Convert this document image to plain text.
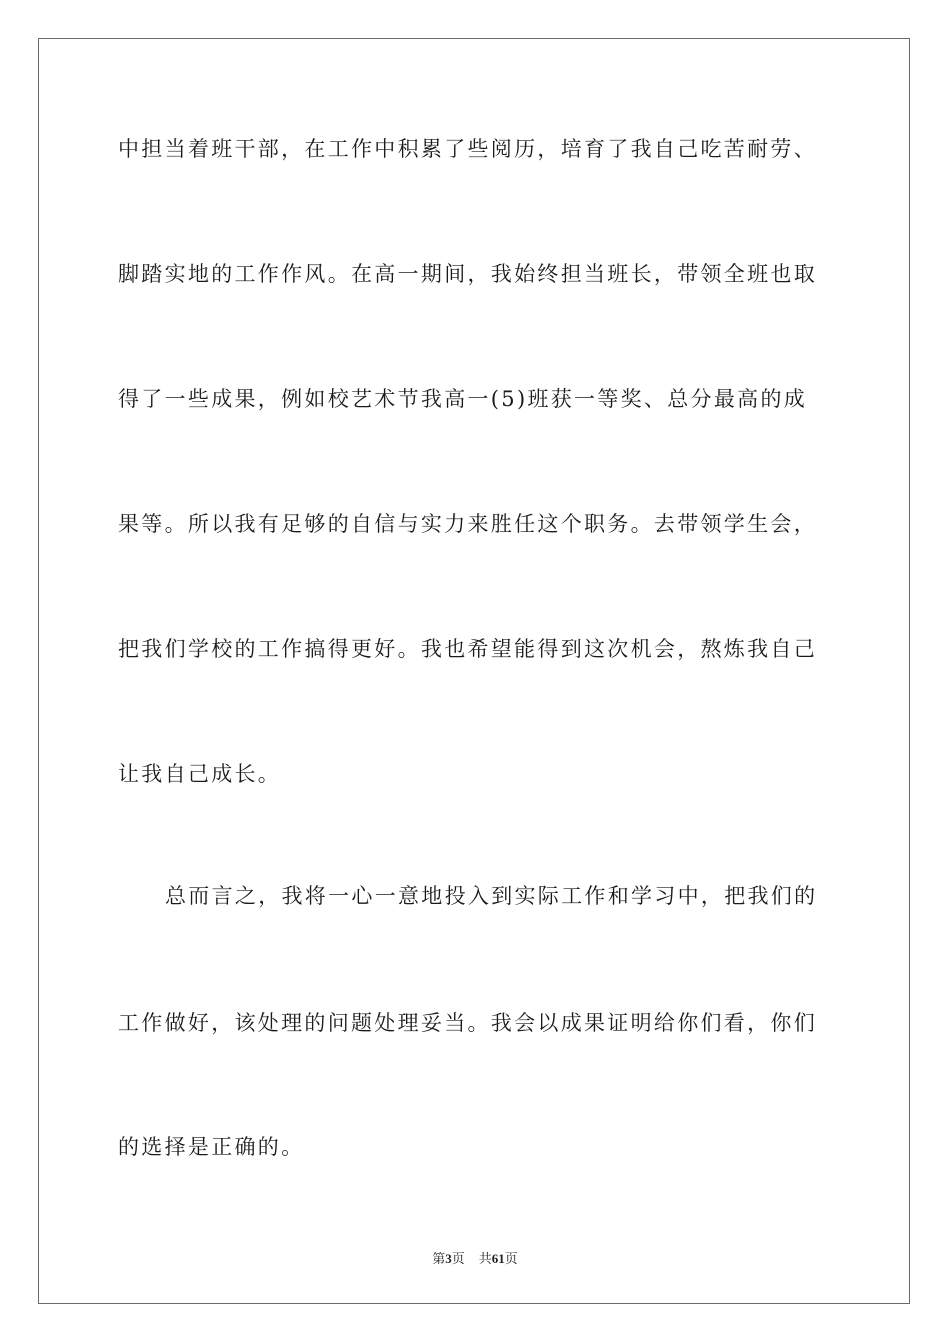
中担当着班干部，在工作中积累了些阅历，培育了我自己吃苦耐劳、
脚踏实地的工作作风。在高一期间，我始终担当班长，带领全班也取
得了一些成果，例如校艺术节我高一(5)班获一等奖、总分最高的成
果等。所以我有足够的自信与实力来胜任这个职务。去带领学生会，
把我们学校的工作搞得更好。我也希望能得到这次机会，熬炼我自己
让我自己成长。
总而言之，我将一心一意地投入到实际工作和学习中，把我们的
工作做好，该处理的问题处理妥当。我会以成果证明给你们看，你们
的选择是正确的。
第3页 共61页
